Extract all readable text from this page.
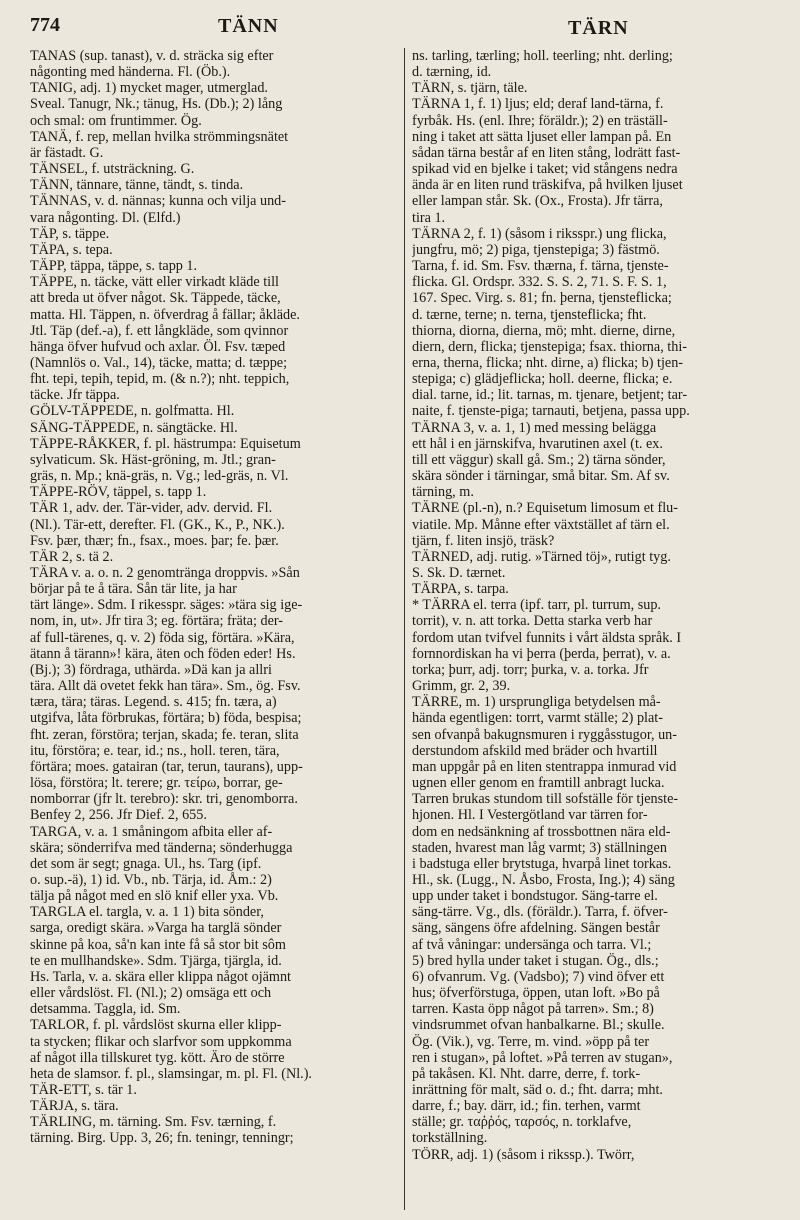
774	TÄNN	TÄRN
TANAS (sup. tanast), v. d. sträcka sig efter
någonting med händerna. Fl. (Öb.).
TANIG, adj. 1) mycket mager, utmerglad.
Sveal. Tanugr, Nk.; tänug, Hs. (Db.); 2) lång
och smal: om fruntimmer. Ög.
TANÄ, f. rep, mellan hvilka strömmingsnätet
är fästadt. G.
TÄNSEL, f. utsträckning. G.
TÄNN, tännare, tänne, tändt, s. tinda.
TÄNNAS, v. d. nännas; kunna och vilja und-
vara någonting. Dl. (Elfd.)
TÄP, s. täppe.
TÄPA, s. tepa.
TÄPP, täppa, täppe, s. tapp 1.
TÄPPE, n. täcke, vätt eller virkadt kläde till
att breda ut öfver något. Sk. Täppede, täcke,
matta. Hl. Täppen, n. öfverdrag å fällar; åkläde.
Jtl. Täp (def.-a), f. ett långkläde, som qvinnor
hänga öfver hufvud och axlar. Öl. Fsv. tæped
(Namnlös o. Val., 14), täcke, matta; d. tæppe;
fht. tepi, tepih, tepid, m. (& n.?); nht. teppich,
täcke. Jfr täppa.
GÖLV-TÄPPEDE, n. golfmatta. Hl.
SÄNG-TÄPPEDE, n. sängtäcke. Hl.
TÄPPE-RÅKKER, f. pl. hästrumpa: Equisetum
sylvaticum. Sk. Häst-gröning, m. Jtl.; gran-
gräs, n. Mp.; knä-gräs, n. Vg.; led-gräs, n. Vl.
TÄPPE-RÖV, täppel, s. tapp 1.
TÄR 1, adv. der. Tär-vider, adv. dervid. Fl.
(Nl.). Tär-ett, derefter. Fl. (GK., K., P., NK.).
Fsv. þær, thær; fn., fsax., moes. þar; fe. þær.
TÄR 2, s. tä 2.
TÄRA v. a. o. n. 2 genomtränga droppvis. »Sån
börjar på te å tära. Sån tär lite, ja har
tärt länge». Sdm. I rikesspr. säges: »tära sig ige-
nom, in, ut». Jfr tira 3; eg. förtära; fräta; der-
af full-tärenes, q. v. 2) föda sig, förtära. »Kära,
ätann å tärann»! kära, äten och föden eder! Hs.
(Bj.); 3) fördraga, uthärda. »Dä kan ja allri
tära. Allt dä ovetet fekk han tära». Sm., ög. Fsv.
tæra, tära; täras. Legend. s. 415; fn. tæra, a)
utgifva, låta förbrukas, förtära; b) föda, bespisa;
fht. zeran, förstöra; terjan, skada; fe. teran, slita
itu, förstöra; e. tear, id.; ns., holl. teren, tära,
förtära; moes. gatairan (tar, terun, taurans), upp-
lösa, förstöra; lt. terere; gr. τείρω, borrar, ge-
nomborrar (jfr lt. terebro): skr. tri, genomborra.
Benfey 2, 256. Jfr Dief. 2, 655.
TARGA, v. a. 1 småningom afbita eller af-
skära; sönderrifva med tänderna; sönderhugga
det som är segt; gnaga. Ul., hs. Targ (ipf.
o. sup.-ä), 1) id. Vb., nb. Tärja, id. Åm.: 2)
tälja på något med en slö knif eller yxa. Vb.
TARGLA el. targla, v. a. 1 1) bita sönder,
sarga, oredigt skära. »Varga ha targlä sönder
skinne på koa, så'n kan inte få så stor bit sôm
te en mullhandske». Sdm. Tjärga, tjärgla, id.
Hs. Tarla, v. a. skära eller klippa något ojämnt
eller vårdslöst. Fl. (Nl.); 2) omsäga ett och
detsamma. Taggla, id. Sm.
TARLOR, f. pl. vårdslöst skurna eller klipp-
ta stycken; flikar och slarfvor som uppkomma
af något illa tillskuret tyg. kött. Äro de större
heta de slamsor. f. pl., slamsingar, m. pl. Fl. (Nl.).
TÄR-ETT, s. tär 1.
TÄRJA, s. tära.
TÄRLING, m. tärning. Sm. Fsv. tærning, f.
tärning. Birg. Upp. 3, 26; fn. teningr, tenningr;
ns. tarling, tærling; holl. teerling; nht. derling;
d. tærning, id.
TÄRN, s. tjärn, täle.
TÄRNA 1, f. 1) ljus; eld; deraf land-tärna, f.
fyrbåk. Hs. (enl. Ihre; föräldr.); 2) en träställ-
ning i taket att sätta ljuset eller lampan på. En
sådan tärna består af en liten stång, lodrätt fast-
spikad vid en bjelke i taket; vid stångens nedra
ända är en liten rund träskifva, på hvilken ljuset
eller lampan står. Sk. (Ox., Frosta). Jfr tärra,
tira 1.
TÄRNA 2, f. 1) (såsom i riksspr.) ung flicka,
jungfru, mö; 2) piga, tjenstepiga; 3) fästmö.
Tarna, f. id. Sm. Fsv. thærna, f. tärna, tjenste-
flicka. Gl. Ordspr. 332. S. S. 2, 71. S. F. S. 1,
167. Spec. Virg. s. 81; fn. þerna, tjensteflicka;
d. tærne, terne; n. terna, tjensteflicka; fht.
thiorna, diorna, dierna, mö; mht. dierne, dirne,
diern, dern, flicka; tjenstepiga; fsax. thiorna, thi-
erna, therna, flicka; nht. dirne, a) flicka; b) tjen-
stepiga; c) glädjeflicka; holl. deerne, flicka; e.
dial. tarne, id.; lit. tarnas, m. tjenare, betjent; tar-
naite, f. tjenste-piga; tarnauti, betjena, passa upp.
TÄRNA 3, v. a. 1, 1) med messing belägga
ett hål i en järnskifva, hvarutinen axel (t. ex.
till ett väggur) skall gå. Sm.; 2) tärna sönder,
skära sönder i tärningar, små bitar. Sm. Af sv.
tärning, m.
TÄRNE (pl.-n), n.? Equisetum limosum et flu-
viatile. Mp. Månne efter växtstället af tärn el.
tjärn, f. liten insjö, träsk?
TÄRNED, adj. rutig. »Tärned töj», rutigt tyg.
S. Sk. D. tærnet.
TÄRPA, s. tarpa.
* TÄRRA el. terra (ipf. tarr, pl. turrum, sup.
torrit), v. n. att torka. Detta starka verb har
fordom utan tvifvel funnits i vårt äldsta språk. I
fornnordiskan ha vi þerra (þerda, þerrat), v. a.
torka; þurr, adj. torr; þurka, v. a. torka. Jfr
Grimm, gr. 2, 39.
TÄRRE, m. 1) ursprungliga betydelsen må-
hända egentligen: torrt, varmt ställe; 2) plat-
sen ofvanpå bakugnsmuren i ryggåsstugor, un-
derstundom afskild med bräder och hvartill
man uppgår på en liten stentrappa inmurad vid
ugnen eller genom en framtill anbragt lucka.
Tarren brukas stundom till sofställe för tjenste-
hjonen. Hl. I Vestergötland var tärren for-
dom en nedsänkning af trossbottnen nära eld-
staden, hvarest man låg varmt; 3) ställningen
i badstuga eller brytstuga, hvarpå linet torkas.
Hl., sk. (Lugg., N. Åsbo, Frosta, Ing.); 4) säng
upp under taket i bondstugor. Säng-tarre el.
säng-tärre. Vg., dls. (föräldr.). Tarra, f. öfver-
säng, sängens öfre afdelning. Sängen består
af två våningar: undersänga och tarra. Vl.;
5) bred hylla under taket i stugan. Ög., dls.;
6) ofvanrum. Vg. (Vadsbo); 7) vind öfver ett
hus; öfverförstuga, öppen, utan loft. »Bo på
tarren. Kasta öpp något på tarren». Sm.; 8)
vindsrummet ofvan hanbalkarne. Bl.; skulle.
Ög. (Vik.), vg. Terre, m. vind. »öpp på ter
ren i stugan», på loftet. »På terren av stugan»,
på takåsen. Kl. Nht. darre, derre, f. tork-
inrättning för malt, säd o. d.; fht. darra; mht.
darre, f.; bay. därr, id.; fin. terhen, varmt
ställe; gr. ταῤῥός, ταρσός, n. torklafve,
torkställning.
TÖRR, adj. 1) (såsom i rikssp.). Twörr,
